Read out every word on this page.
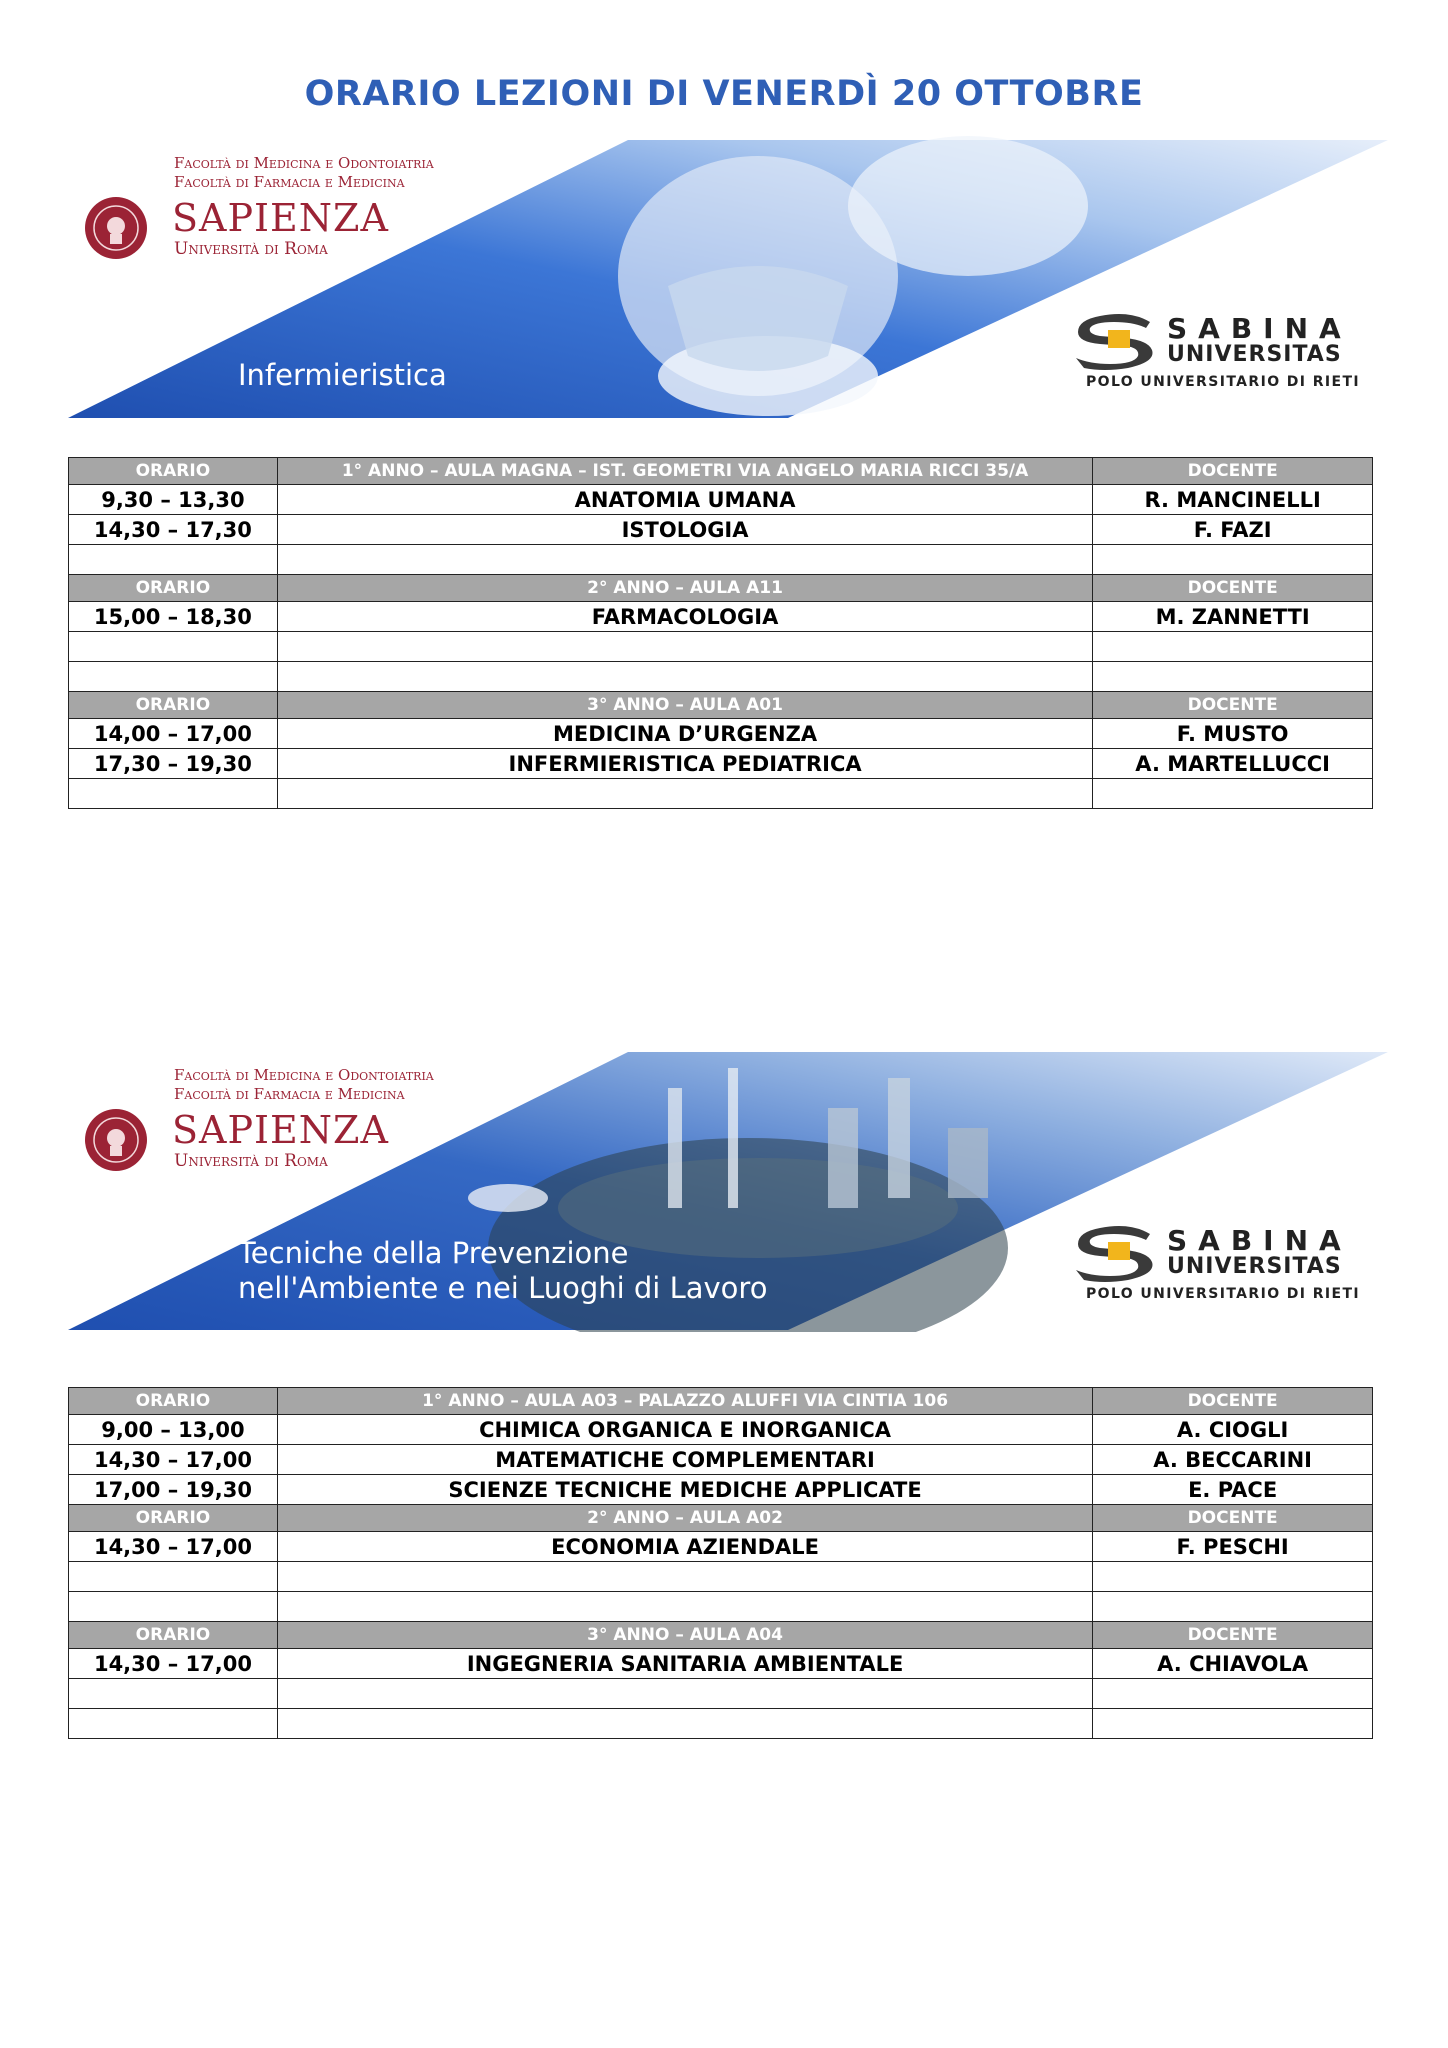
ORARIO LEZIONI DI VENERDÌ 20 OTTOBRE
Facoltà di Medicina e Odontoiatria
Facoltà di Farmacia e Medicina
SAPIENZA
Università di Roma
Infermieristica
SABINA
UNIVERSITAS
POLO UNIVERSITARIO DI RIETI
ORARIO	1° ANNO – AULA MAGNA – IST. GEOMETRI VIA ANGELO MARIA RICCI 35/A	DOCENTE
9,30 – 13,30	ANATOMIA UMANA	R. MANCINELLI
14,30 – 17,30	ISTOLOGIA	F. FAZI

ORARIO	2° ANNO – AULA A11	DOCENTE
15,00 – 18,30	FARMACOLOGIA	M. ZANNETTI

ORARIO	3° ANNO – AULA A01	DOCENTE
14,00 – 17,00	MEDICINA D’URGENZA	F. MUSTO
17,30 – 19,30	INFERMIERISTICA PEDIATRICA	A. MARTELLUCCI

Facoltà di Medicina e Odontoiatria
Facoltà di Farmacia e Medicina
SAPIENZA
Università di Roma
Tecniche della Prevenzione
nell'Ambiente e nei Luoghi di Lavoro
SABINA
UNIVERSITAS
POLO UNIVERSITARIO DI RIETI
ORARIO	1° ANNO – AULA A03 – PALAZZO ALUFFI VIA CINTIA 106	DOCENTE
9,00 – 13,00	CHIMICA ORGANICA E INORGANICA	A. CIOGLI
14,30 – 17,00	MATEMATICHE COMPLEMENTARI	A. BECCARINI
17,00 – 19,30	SCIENZE TECNICHE MEDICHE APPLICATE	E. PACE
ORARIO	2° ANNO – AULA A02	DOCENTE
14,30 – 17,00	ECONOMIA AZIENDALE	F. PESCHI

ORARIO	3° ANNO – AULA A04	DOCENTE
14,30 – 17,00	INGEGNERIA SANITARIA AMBIENTALE	A. CHIAVOLA
